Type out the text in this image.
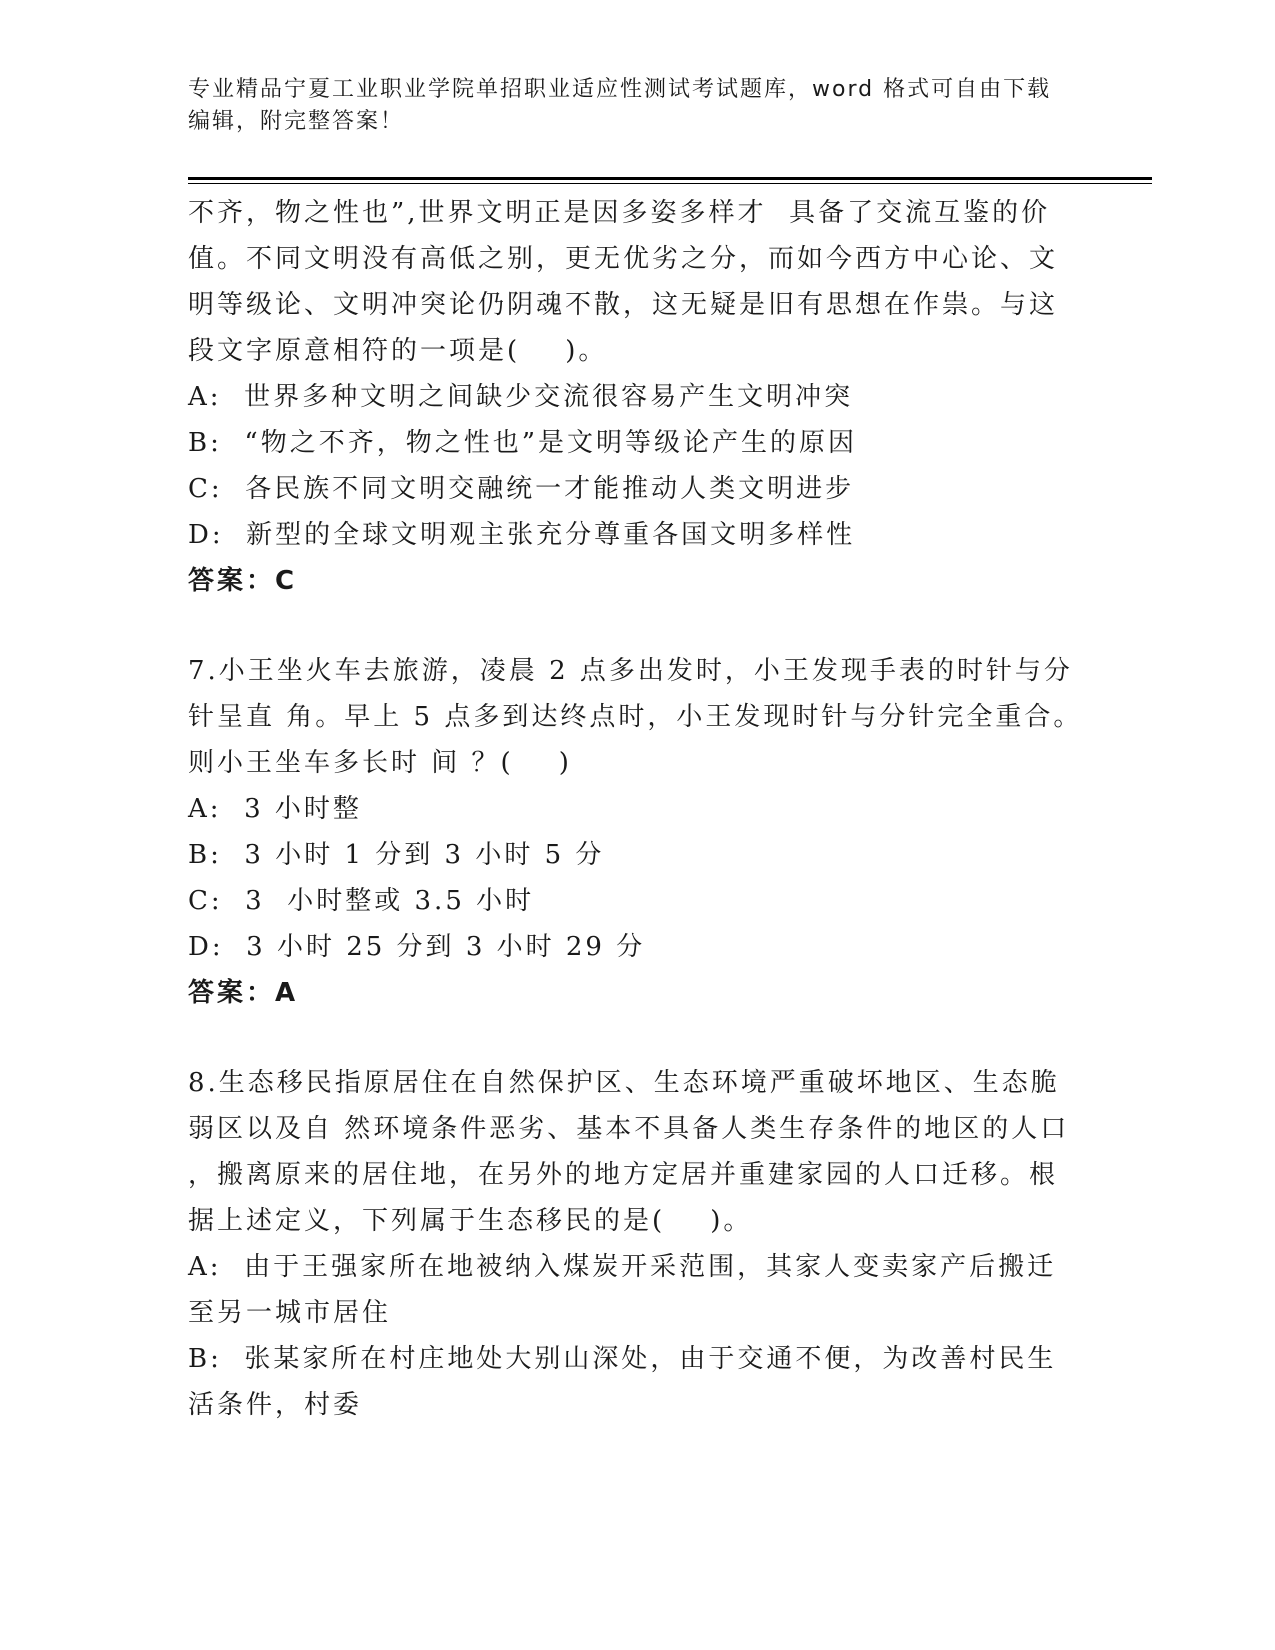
专业精品宁夏工业职业学院单招职业适应性测试考试题库，word 格式可自由下载
编辑，附完整答案！
不齐，物之性也”,世界文明正是因多姿多样才  具备了交流互鉴的价
值。不同文明没有高低之别，更无优劣之分，而如今西方中心论、文
明等级论、文明冲突论仍阴魂不散，这无疑是旧有思想在作祟。与这
段文字原意相符的一项是(    )。
A:  世界多种文明之间缺少交流很容易产生文明冲突
B:  “物之不齐，物之性也”是文明等级论产生的原因
C:  各民族不同文明交融统一才能推动人类文明进步
D:  新型的全球文明观主张充分尊重各国文明多样性
答案：C
7.小王坐火车去旅游，凌晨 2 点多出发时，小王发现手表的时针与分
针呈直 角。早上 5 点多到达终点时，小王发现时针与分针完全重合。
则小王坐车多长时 间 ？(    )
A:  3 小时整
B:  3 小时 1 分到 3 小时 5 分
C:  3  小时整或 3.5 小时
D:  3 小时 25 分到 3 小时 29 分
答案：A
8.生态移民指原居住在自然保护区、生态环境严重破坏地区、生态脆
弱区以及自 然环境条件恶劣、基本不具备人类生存条件的地区的人口
，搬离原来的居住地，在另外的地方定居并重建家园的人口迁移。根
据上述定义，下列属于生态移民的是(    )。
A:  由于王强家所在地被纳入煤炭开采范围，其家人变卖家产后搬迁
至另一城市居住
B:  张某家所在村庄地处大别山深处，由于交通不便，为改善村民生
活条件，村委
